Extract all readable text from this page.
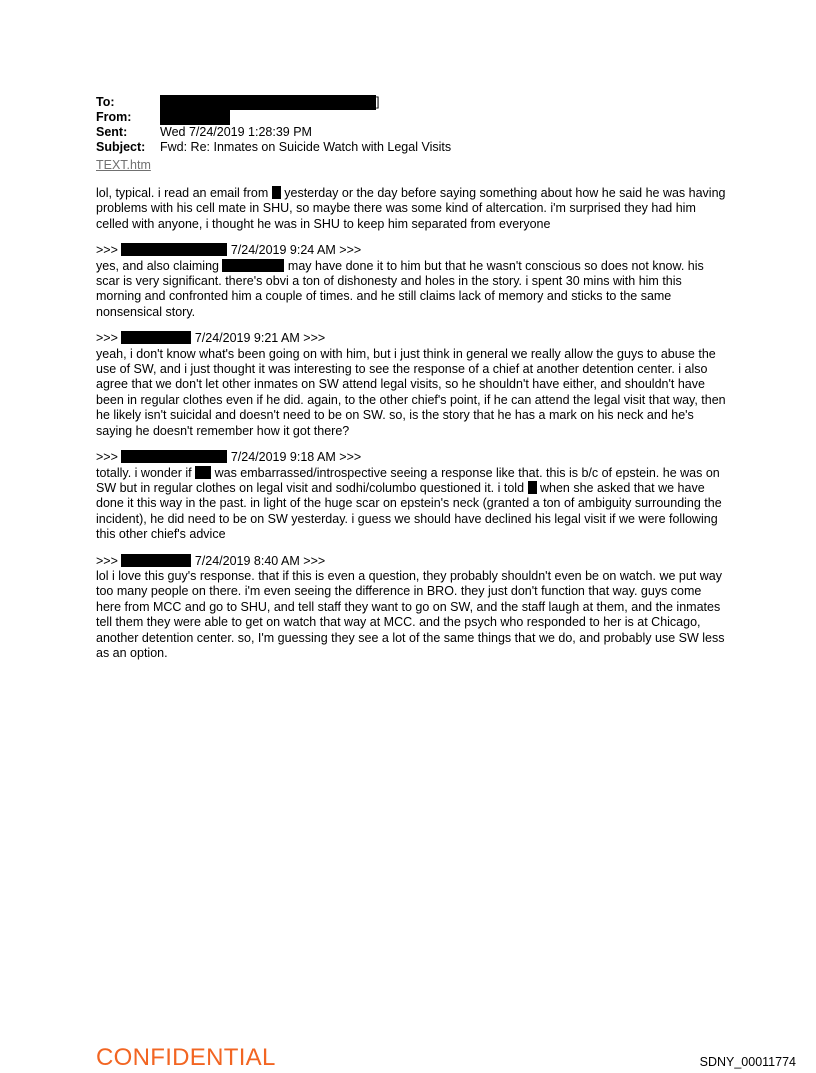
To:	]
From:
Sent:	Wed 7/24/2019 1:28:39 PM
Subject: Fwd: Re: Inmates on Suicide Watch with Legal Visits
TEXT.htm

lol, typical. i read an email from  yesterday or the day before saying something about how he said he was having problems with his cell mate in SHU, so maybe there was some kind of altercation. i'm surprised they had him celled with anyone, i thought he was in SHU to keep him separated from everyone

>>>	7/24/2019 9:24 AM >>>
yes, and also claiming	may have done it to him but that he wasn't conscious so does not know. his scar is very significant. there's obvi a ton of dishonesty and holes in the story. i spent 30 mins with him this morning and confronted him a couple of times. and he still claims lack of memory and sticks to the same nonsensical story.
>>>	7/24/2019 9:21 AM >>>
yeah, i don't know what's been going on with him, but i just think in general we really allow the guys to abuse the use of SW, and i just thought it was interesting to see the response of a chief at another detention center. i also agree that we don't let other inmates on SW attend legal visits, so he shouldn't have either, and shouldn't have been in regular clothes even if he did. again, to the other chief's point, if he can attend the legal visit that way, then he likely isn't suicidal and doesn't need to be on SW. so, is the story that he has a mark on his neck and he's saying he doesn't remember how it got there?
>>>	7/24/2019 9:18 AM >>>
totally. i wonder if  was embarrassed/introspective seeing a response like that. this is b/c of epstein. he was on SW but in regular clothes on legal visit and sodhi/columbo questioned it. i told  when she asked that we have done it this way in the past. in light of the huge scar on epstein's neck (granted a ton of ambiguity surrounding the incident), he did need to be on SW yesterday. i guess we should have declined his legal visit if we were following this other chief's advice
>>>	7/24/2019 8:40 AM >>>
lol i love this guy's response. that if this is even a question, they probably shouldn't even be on watch. we put way too many people on there. i'm even seeing the difference in BRO. they just don't function that way. guys come here from MCC and go to SHU, and tell staff they want to go on SW, and the staff laugh at them, and the inmates tell them they were able to get on watch that way at MCC. and the psych who responded to her is at Chicago, another detention center. so, I'm guessing they see a lot of the same things that we do, and probably use SW less as an option.
CONFIDENTIAL	SDNY_00011774
